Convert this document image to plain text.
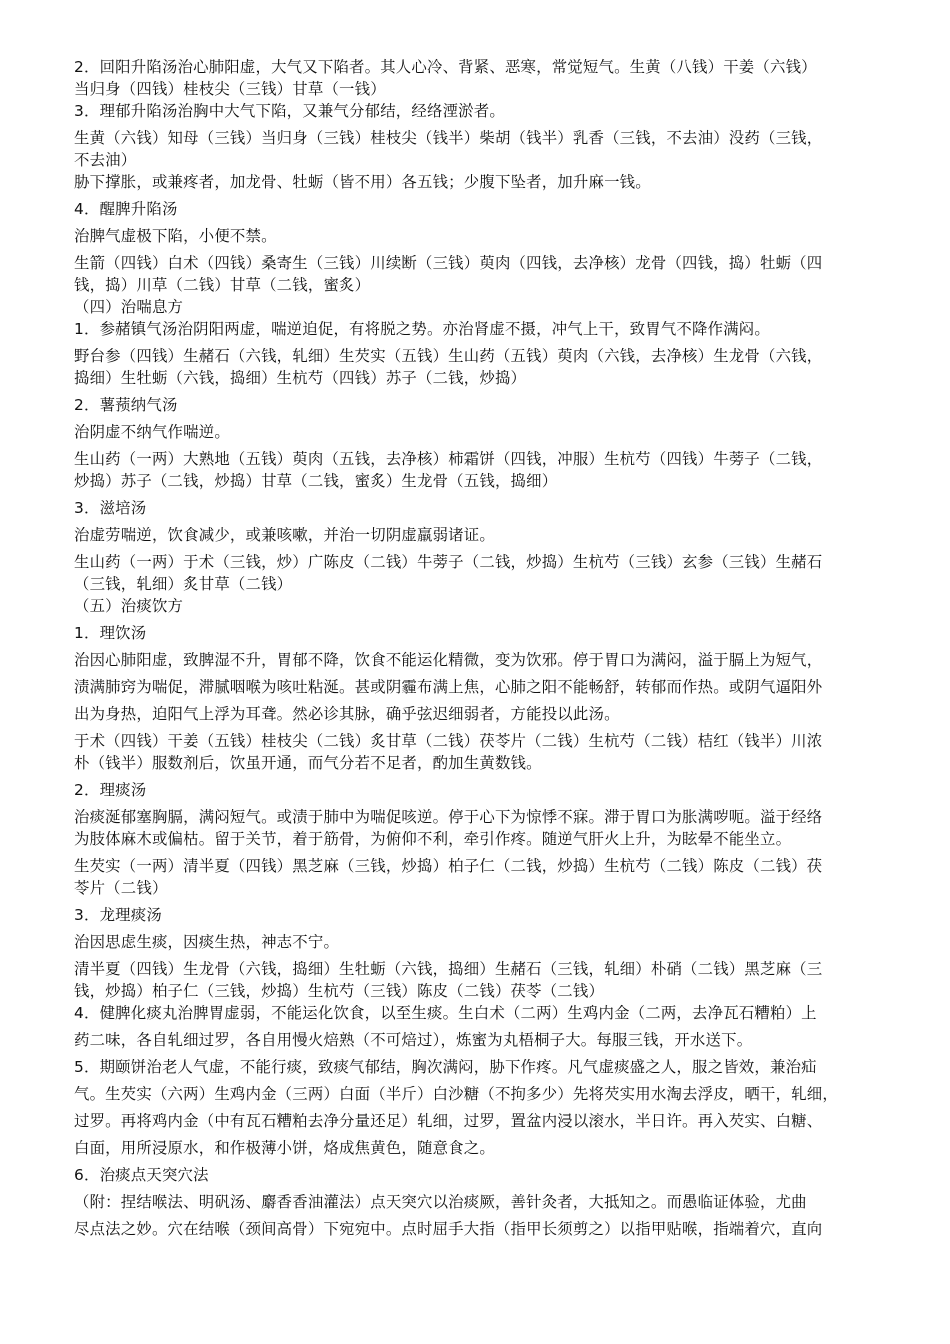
2．回阳升陷汤治心肺阳虚，大气又下陷者。其人心冷、背紧、恶寒，常觉短气。生黄（八钱）干姜（六钱）
当归身（四钱）桂枝尖（三钱）甘草（一钱）
3．理郁升陷汤治胸中大气下陷，又兼气分郁结，经络湮淤者。
生黄（六钱）知母（三钱）当归身（三钱）桂枝尖（钱半）柴胡（钱半）乳香（三钱，不去油）没药（三钱，
不去油）
胁下撑胀，或兼疼者，加龙骨、牡蛎（皆不用）各五钱；少腹下坠者，加升麻一钱。
4．醒脾升陷汤
治脾气虚极下陷，小便不禁。
生箭（四钱）白术（四钱）桑寄生（三钱）川续断（三钱）萸肉（四钱，去净核）龙骨（四钱，捣）牡蛎（四
钱，捣）川草（二钱）甘草（二钱，蜜炙）
（四）治喘息方
1．参赭镇气汤治阴阳两虚，喘逆迫促，有将脱之势。亦治肾虚不摄，冲气上干，致胃气不降作满闷。
野台参（四钱）生赭石（六钱，轧细）生芡实（五钱）生山药（五钱）萸肉（六钱，去净核）生龙骨（六钱，
捣细）生牡蛎（六钱，捣细）生杭芍（四钱）苏子（二钱，炒捣）
2．薯蓣纳气汤
治阴虚不纳气作喘逆。
生山药（一两）大熟地（五钱）萸肉（五钱，去净核）柿霜饼（四钱，冲服）生杭芍（四钱）牛蒡子（二钱，
炒捣）苏子（二钱，炒捣）甘草（二钱，蜜炙）生龙骨（五钱，捣细）
3．滋培汤
治虚劳喘逆，饮食减少，或兼咳嗽，并治一切阴虚羸弱诸证。
生山药（一两）于术（三钱，炒）广陈皮（二钱）牛蒡子（二钱，炒捣）生杭芍（三钱）玄参（三钱）生赭石
（三钱，轧细）炙甘草（二钱）
（五）治痰饮方
1．理饮汤
治因心肺阳虚，致脾湿不升，胃郁不降，饮食不能运化精微，变为饮邪。停于胃口为满闷，溢于膈上为短气，
渍满肺窍为喘促，滞腻咽喉为咳吐粘涎。甚或阴霾布满上焦，心肺之阳不能畅舒，转郁而作热。或阴气逼阳外
出为身热，迫阳气上浮为耳聋。然必诊其脉，确乎弦迟细弱者，方能投以此汤。
于术（四钱）干姜（五钱）桂枝尖（二钱）炙甘草（二钱）茯苓片（二钱）生杭芍（二钱）桔红（钱半）川浓
朴（钱半）服数剂后，饮虽开通，而气分若不足者，酌加生黄数钱。
2．理痰汤
治痰涎郁塞胸膈，满闷短气。或渍于肺中为喘促咳逆。停于心下为惊悸不寐。滞于胃口为胀满哕呃。溢于经络
为肢体麻木或偏枯。留于关节，着于筋骨，为俯仰不利，牵引作疼。随逆气肝火上升，为眩晕不能坐立。
生芡实（一两）清半夏（四钱）黑芝麻（三钱，炒捣）柏子仁（二钱，炒捣）生杭芍（二钱）陈皮（二钱）茯
苓片（二钱）
3．龙理痰汤
治因思虑生痰，因痰生热，神志不宁。
清半夏（四钱）生龙骨（六钱，捣细）生牡蛎（六钱，捣细）生赭石（三钱，轧细）朴硝（二钱）黑芝麻（三
钱，炒捣）柏子仁（三钱，炒捣）生杭芍（三钱）陈皮（二钱）茯苓（二钱）
4．健脾化痰丸治脾胃虚弱，不能运化饮食，以至生痰。生白术（二两）生鸡内金（二两，去净瓦石糟粕）上
药二味，各自轧细过罗，各自用慢火焙熟（不可焙过），炼蜜为丸梧桐子大。每服三钱，开水送下。
5．期颐饼治老人气虚，不能行痰，致痰气郁结，胸次满闷，胁下作疼。凡气虚痰盛之人，服之皆效，兼治疝
气。生芡实（六两）生鸡内金（三两）白面（半斤）白沙糖（不拘多少）先将芡实用水淘去浮皮，晒干，轧细，
过罗。再将鸡内金（中有瓦石糟粕去净分量还足）轧细，过罗，置盆内浸以滚水，半日许。再入芡实、白糖、
白面，用所浸原水，和作极薄小饼，烙成焦黄色，随意食之。
6．治痰点天突穴法
（附：捏结喉法、明矾汤、麝香香油灌法）点天突穴以治痰厥，善针灸者，大抵知之。而愚临证体验，尤曲
尽点法之妙。穴在结喉（颈间高骨）下宛宛中。点时屈手大指（指甲长须剪之）以指甲贴喉，指端着穴，直向
